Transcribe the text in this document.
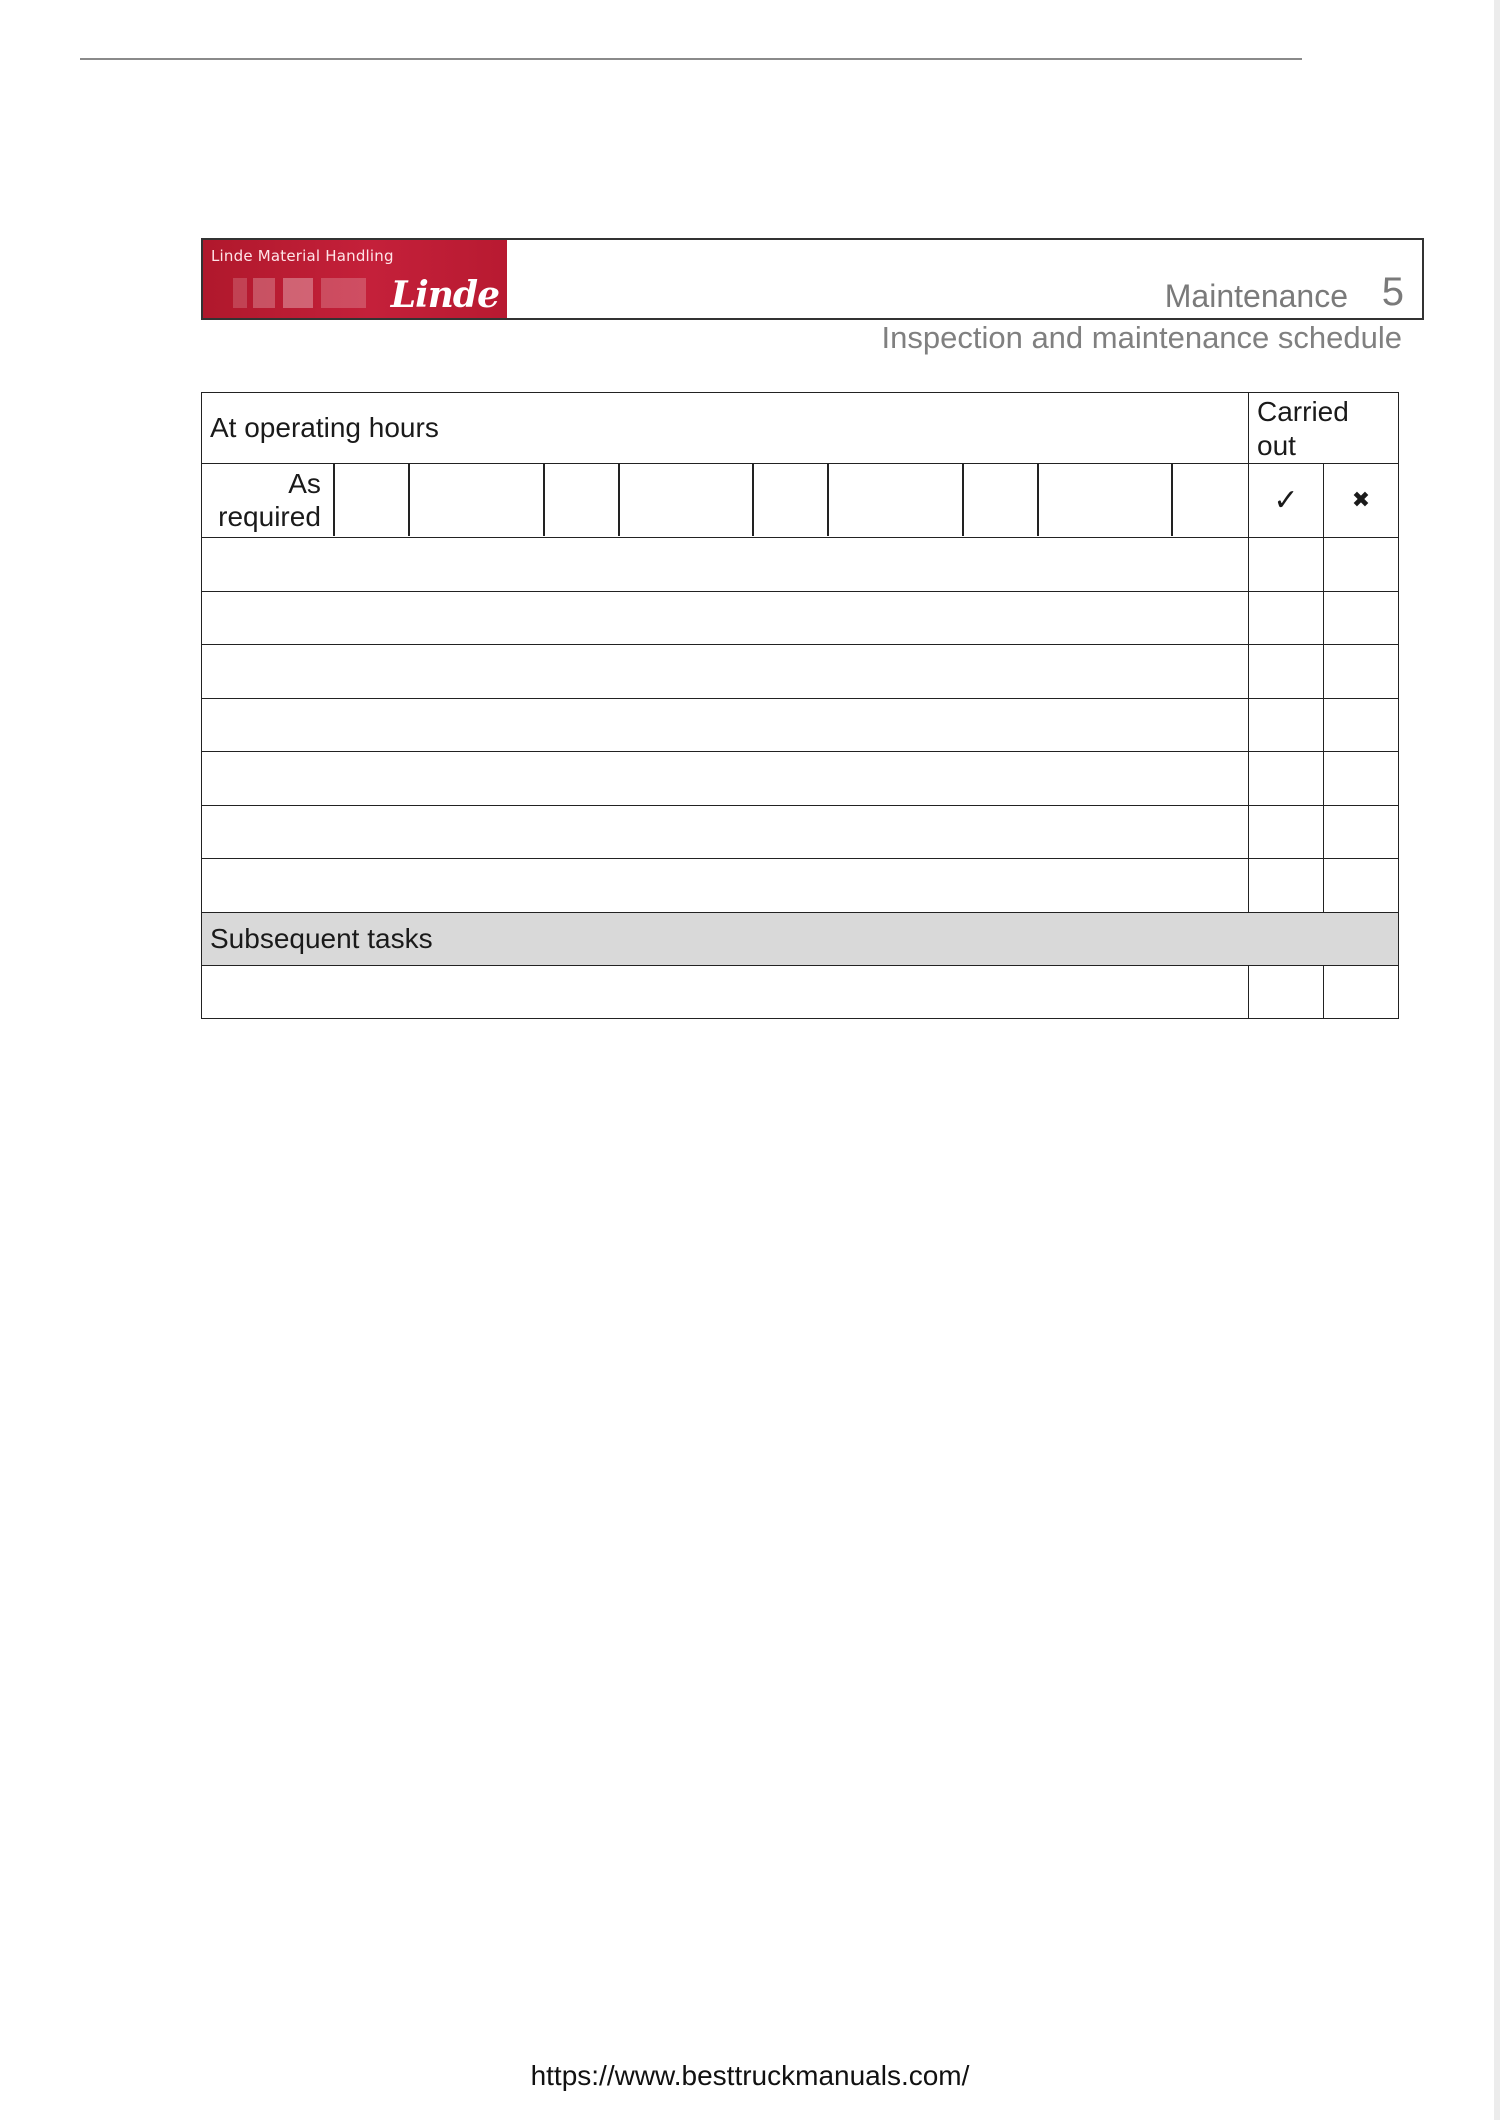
Linde Material Handling
Linde	Maintenance 5
Inspection and maintenance schedule
At operating hours	Carried out	

As required	✓	✖

Subsequent tasks		

https://www.besttruckmanuals.com/
